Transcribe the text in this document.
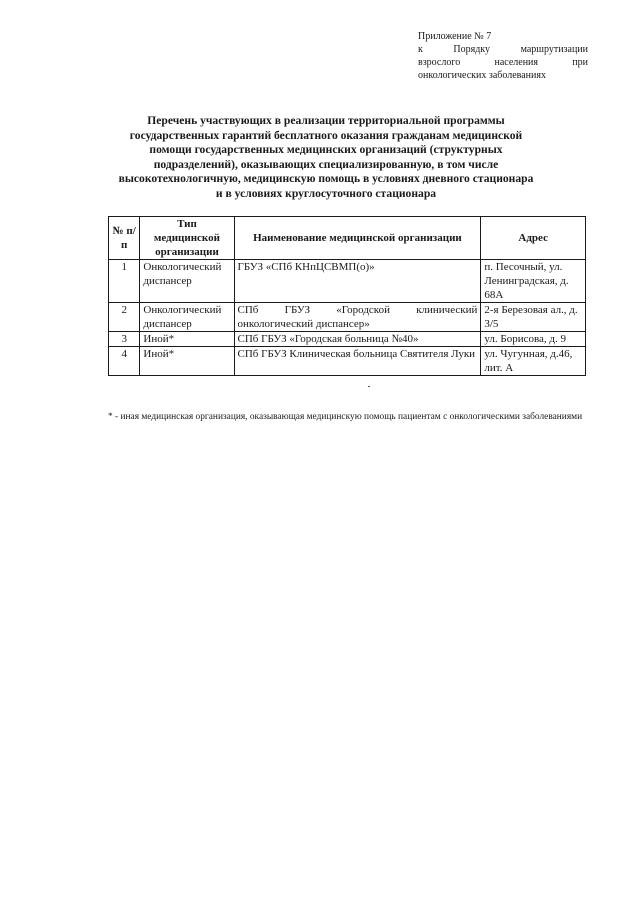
Приложение № 7
к Порядку маршрутизации
взрослого населения при
онкологических заболеваниях
Перечень участвующих в реализации территориальной программы
государственных гарантий бесплатного оказания гражданам медицинской
помощи государственных медицинских организаций (структурных
подразделений), оказывающих специализированную, в том числе
высокотехнологичную, медицинскую помощь в условиях дневного стационара
и в условиях круглосуточного стационара
№ п/п	Тип медицинской организации	Наименование медицинской организации	Адрес
1	Онкологический диспансер	ГБУЗ «СПб КНпЦСВМП(о)»	п. Песочный, ул. Ленинградская, д. 68А
2	Онкологический диспансер	СПб ГБУЗ «Городской клинический онкологический диспансер»	2-я Березовая ал., д. 3/5
3	Иной*	СПб ГБУЗ «Городская больница №40»	ул. Борисова, д. 9
4	Иной*	СПб ГБУЗ Клиническая больница Святителя Луки	ул. Чугунная, д.46, лит. А
* - иная медицинская организация, оказывающая медицинскую помощь пациентам с онкологическими заболеваниями
